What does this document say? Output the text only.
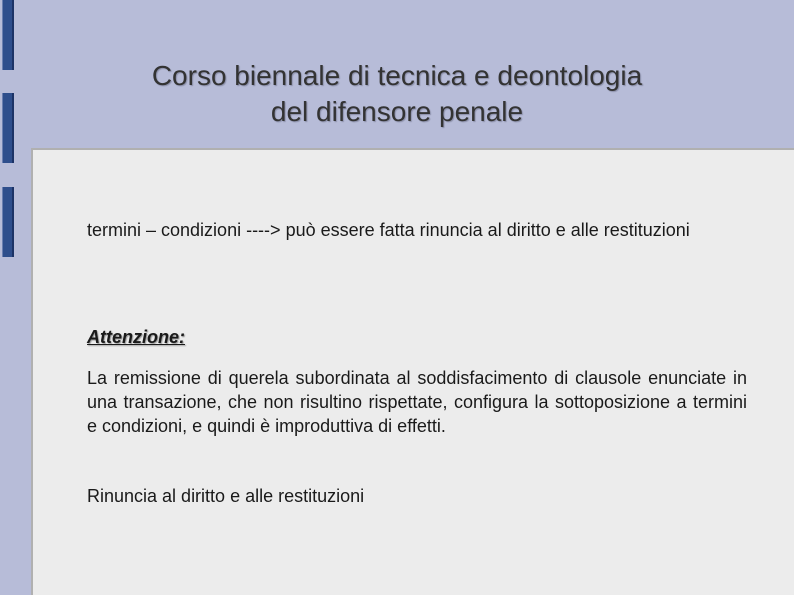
Corso biennale di tecnica e deontologia
del difensore penale
termini – condizioni ----> può essere fatta rinuncia al diritto e alle restituzioni
Attenzione:
La remissione di querela subordinata al soddisfacimento di clausole enunciate in una transazione, che non risultino rispettate, configura la sottoposizione a termini e condizioni, e quindi è improduttiva di effetti.
Rinuncia al diritto e alle restituzioni
